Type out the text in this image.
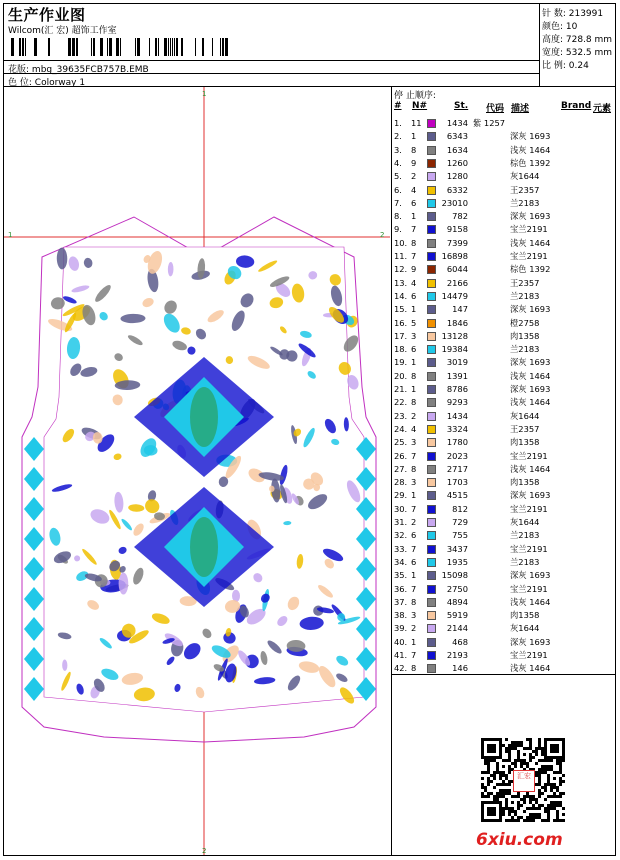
生产作业图
Wilcom(汇 宏) 超饰工作室
花版: mbg_39635FCB757B.EMB
色 位: Colorway 1
针 数: 213991
颜色: 10
高度: 728.8 mm
宽度: 532.5 mm
比 例: 0.24
停 止顺序:
# N#	St. 代码 描述	Brand 元素
1. 11	1434 紫 1257
2. 1	6343	深灰 1693
3. 8	1634	浅灰 1464
4. 9	1260	棕色 1392
5. 2	1280	灰1644
6. 4	6332	王2357
7. 6	23010	兰2183
8. 1	782	深灰 1693
9. 7	9158	宝兰2191
10. 8	7399	浅灰 1464
11. 7	16898	宝兰2191
12. 9	6044	棕色 1392
13. 4	2166	王2357
14. 6	14479	兰2183
15. 1	147	深灰 1693
16. 5	1846	橙2758
17. 3	13128	肉1358
18. 6	19384	兰2183
19. 1	3019	深灰 1693
20. 8	1391	浅灰 1464
21. 1	8786	深灰 1693
22. 8	9293	浅灰 1464
23. 2	1434	灰1644
24. 4	3324	王2357
25. 3	1780	肉1358
26. 7	2023	宝兰2191
27. 8	2717	浅灰 1464
28. 3	1703	肉1358
29. 1	4515	深灰 1693
30. 7	812	宝兰2191
31. 2	729	灰1644
32. 6	755	兰2183
33. 7	3437	宝兰2191
34. 6	1935	兰2183
35. 1	15098	深灰 1693
36. 7	2750	宝兰2191
37. 8	4894	浅灰 1464
38. 3	5919	肉1358
39. 2	2144	灰1644
40. 1	468	深灰 1693
41. 7	2193	宝兰2191
42. 8	146	浅灰 1464
1
2
1	2
汇宏
6xiu.com
